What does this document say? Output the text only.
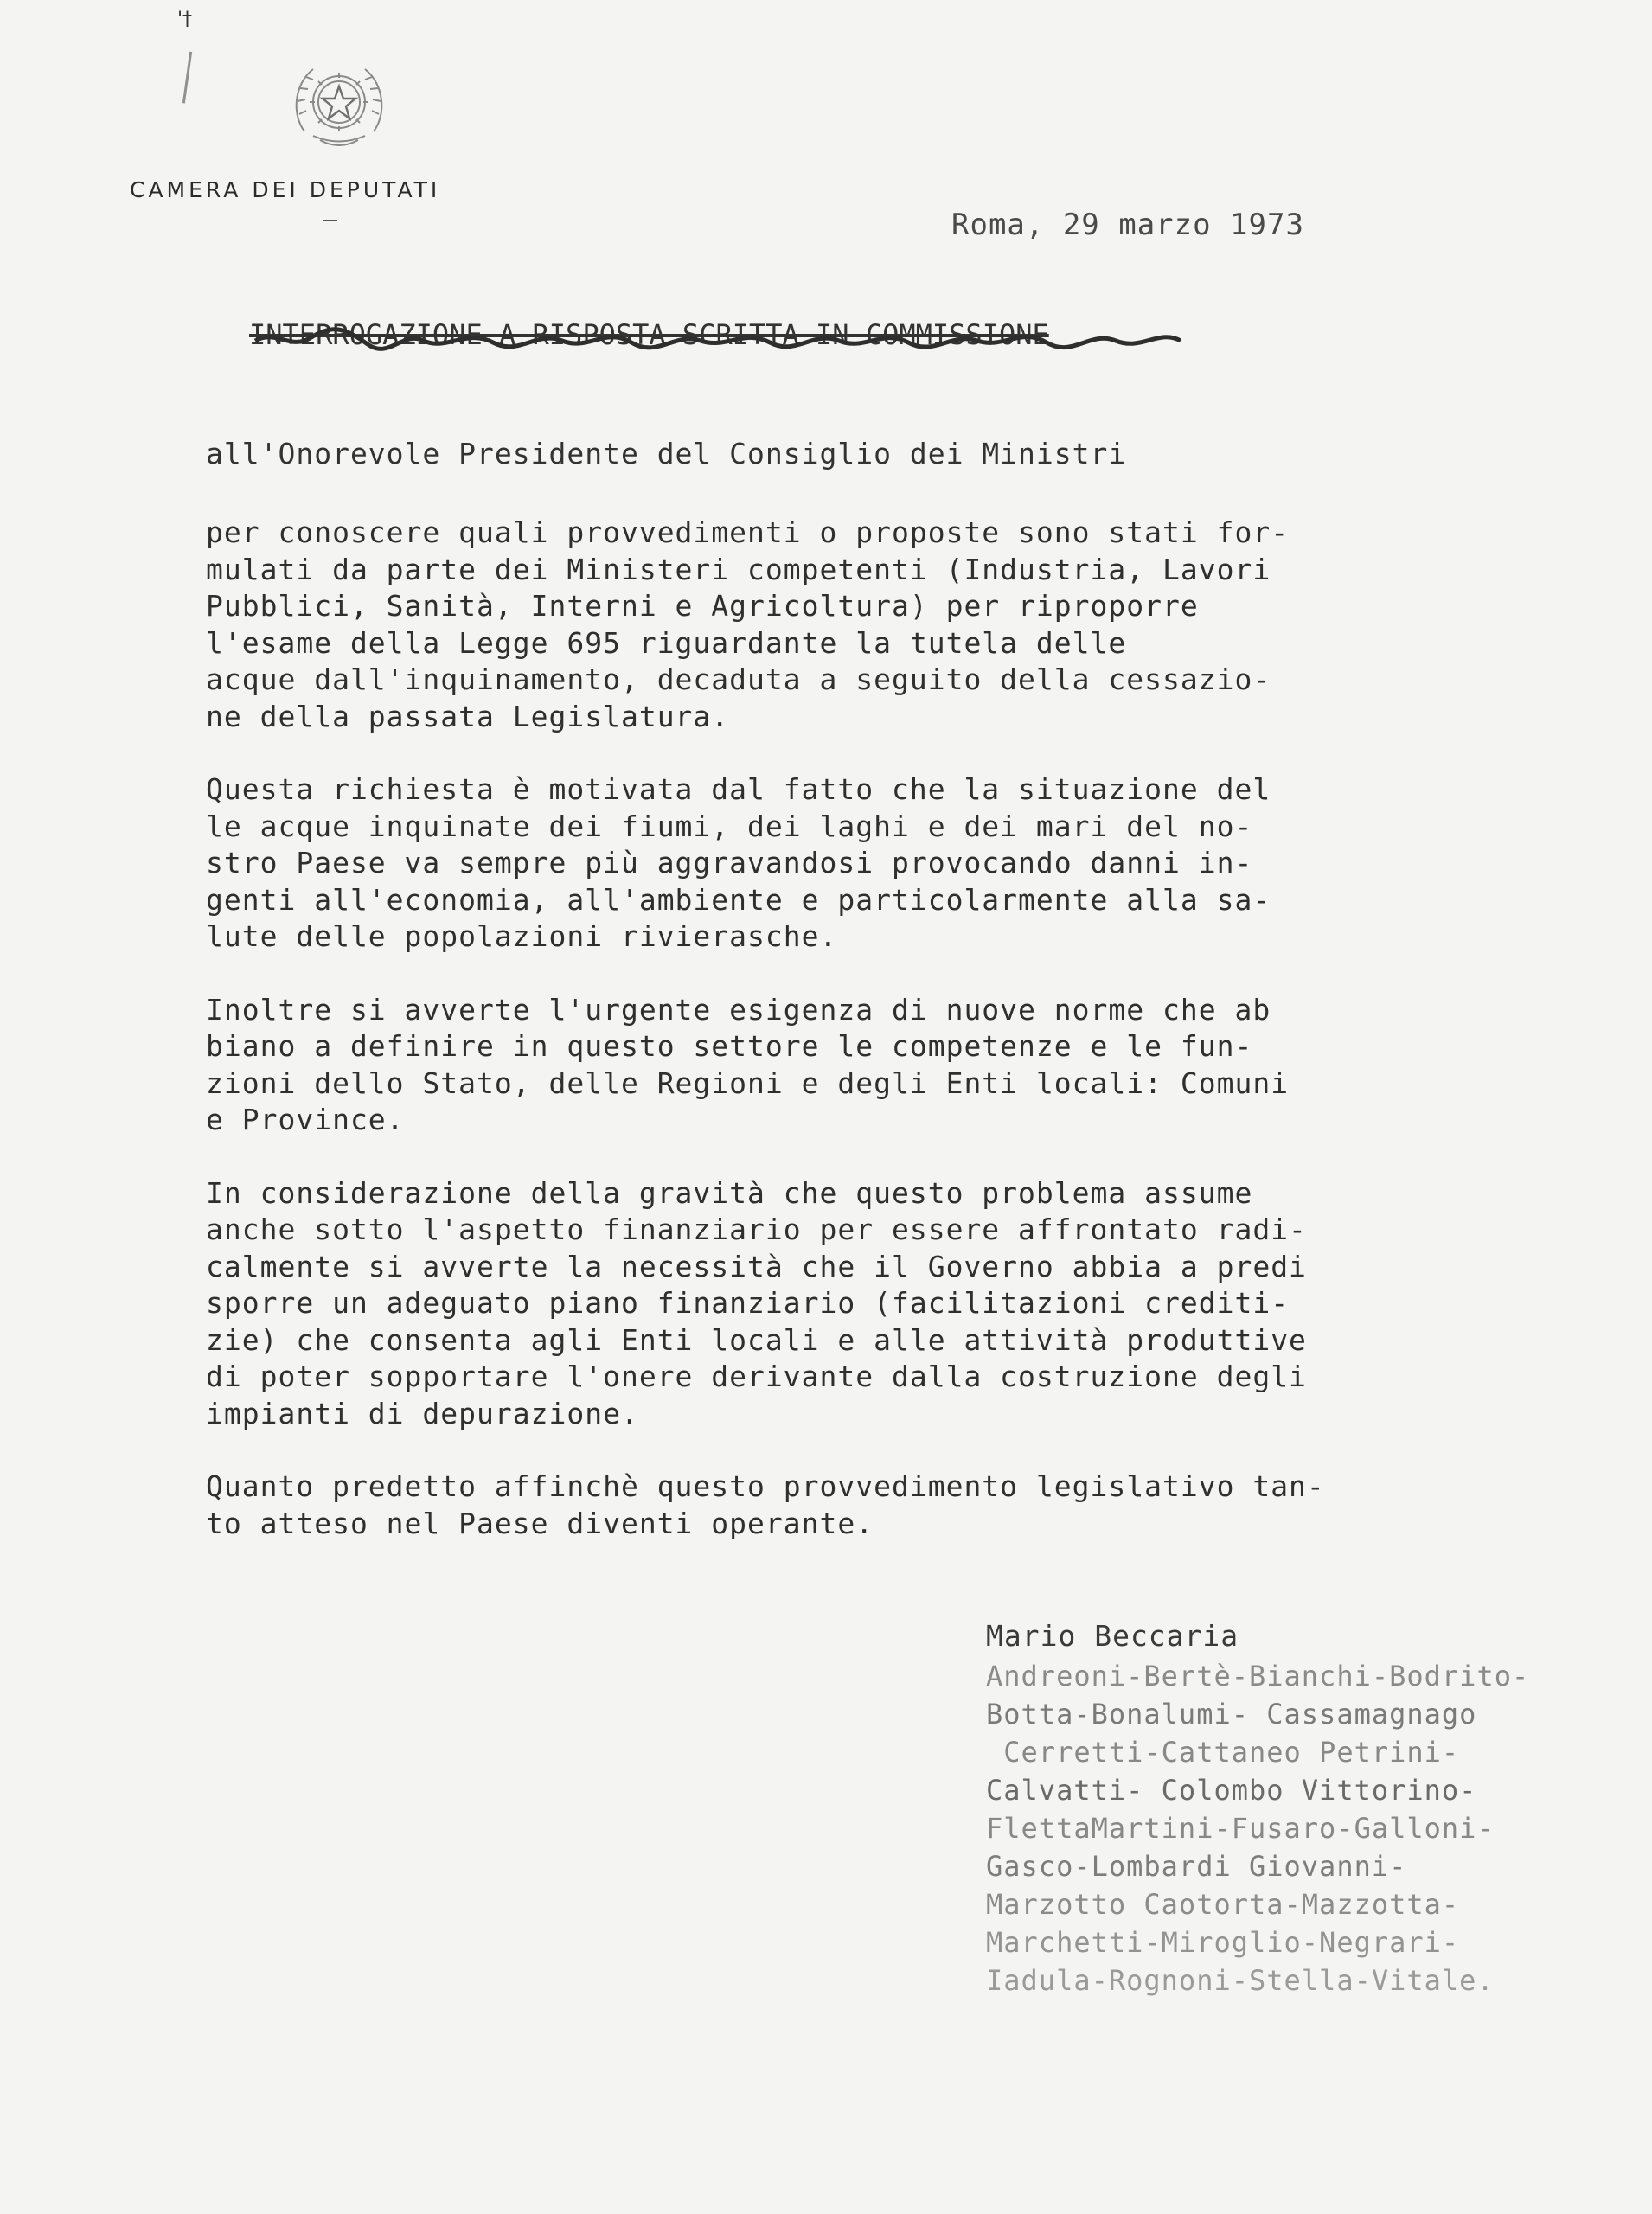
'†
CAMERA DEI DEPUTATI
Roma, 29 marzo 1973
INTERROGAZIONE A RISPOSTA SCRITTA IN COMMISSIONE
all'Onorevole Presidente del Consiglio dei Ministri
per conoscere quali provvedimenti o proposte sono stati for-
mulati da parte dei Ministeri competenti (Industria, Lavori
Pubblici, Sanità, Interni e Agricoltura) per riproporre
l'esame della Legge 695 riguardante la tutela delle
acque dall'inquinamento, decaduta a seguito della cessazio-
ne della passata Legislatura.
Questa richiesta è motivata dal fatto che la situazione del
le acque inquinate dei fiumi, dei laghi e dei mari del no-
stro Paese va sempre più aggravandosi provocando danni in-
genti all'economia, all'ambiente e particolarmente alla sa-
lute delle popolazioni rivierasche.
Inoltre si avverte l'urgente esigenza di nuove norme che ab
biano a definire in questo settore le competenze e le fun-
zioni dello Stato, delle Regioni e degli Enti locali: Comuni
e Province.
In considerazione della gravità che questo problema assume
anche sotto l'aspetto finanziario per essere affrontato radi-
calmente si avverte la necessità che il Governo abbia a predi
sporre un adeguato piano finanziario (facilitazioni crediti-
zie) che consenta agli Enti locali e alle attività produttive
di poter sopportare l'onere derivante dalla costruzione degli
impianti di depurazione.
Quanto predetto affinchè questo provvedimento legislativo tan-
to atteso nel Paese diventi operante.
Mario Beccaria
Andreoni-Bertè-Bianchi-Bodrito-
Botta-Bonalumi- Cassamagnago
Cerretti-Cattaneo Petrini-
Calvatti- Colombo Vittorino-
FlettaMartini-Fusaro-Galloni-
Gasco-Lombardi Giovanni-
Marzotto Caotorta-Mazzotta-
Marchetti-Miroglio-Negrari-
Iadula-Rognoni-Stella-Vitale.
